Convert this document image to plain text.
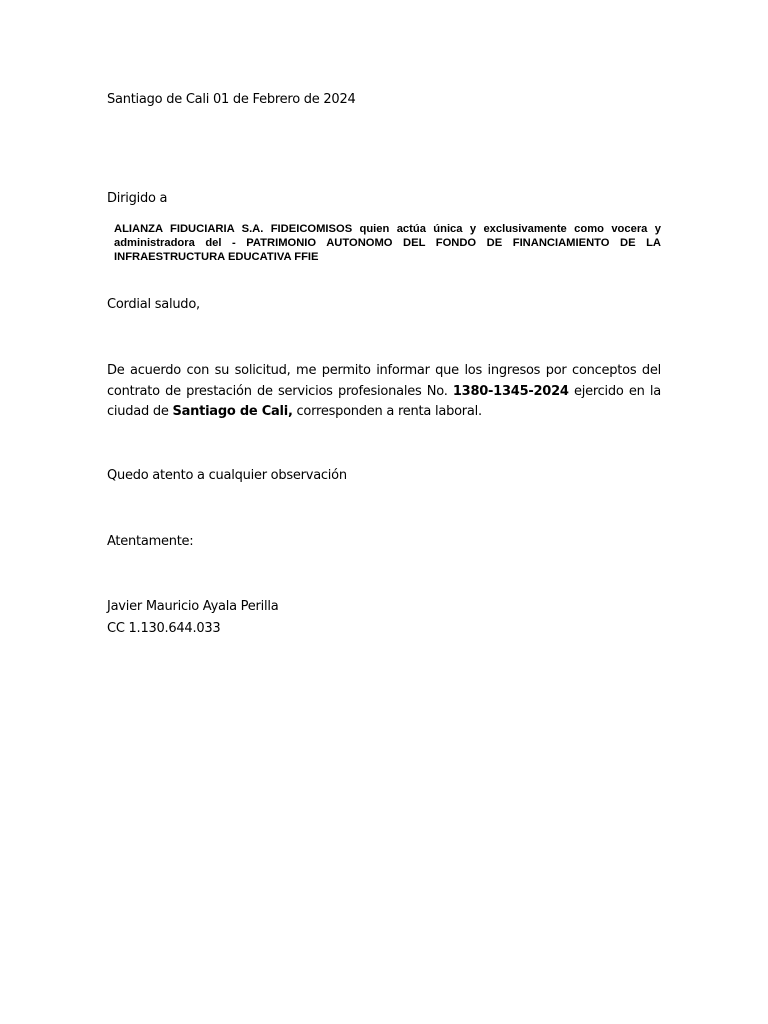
Santiago de Cali 01 de Febrero de 2024
Dirigido a
ALIANZA FIDUCIARIA S.A. FIDEICOMISOS quien actúa única y exclusivamente como vocera y administradora del - PATRIMONIO AUTONOMO DEL FONDO DE FINANCIAMIENTO DE LA INFRAESTRUCTURA EDUCATIVA FFIE
Cordial saludo,
De acuerdo con su solicitud, me permito informar que los ingresos por conceptos del contrato de prestación de servicios profesionales No. 1380-1345-2024 ejercido en la ciudad de Santiago de Cali, corresponden a renta laboral.
Quedo atento a cualquier observación
Atentamente:
Javier Mauricio Ayala Perilla
CC 1.130.644.033
